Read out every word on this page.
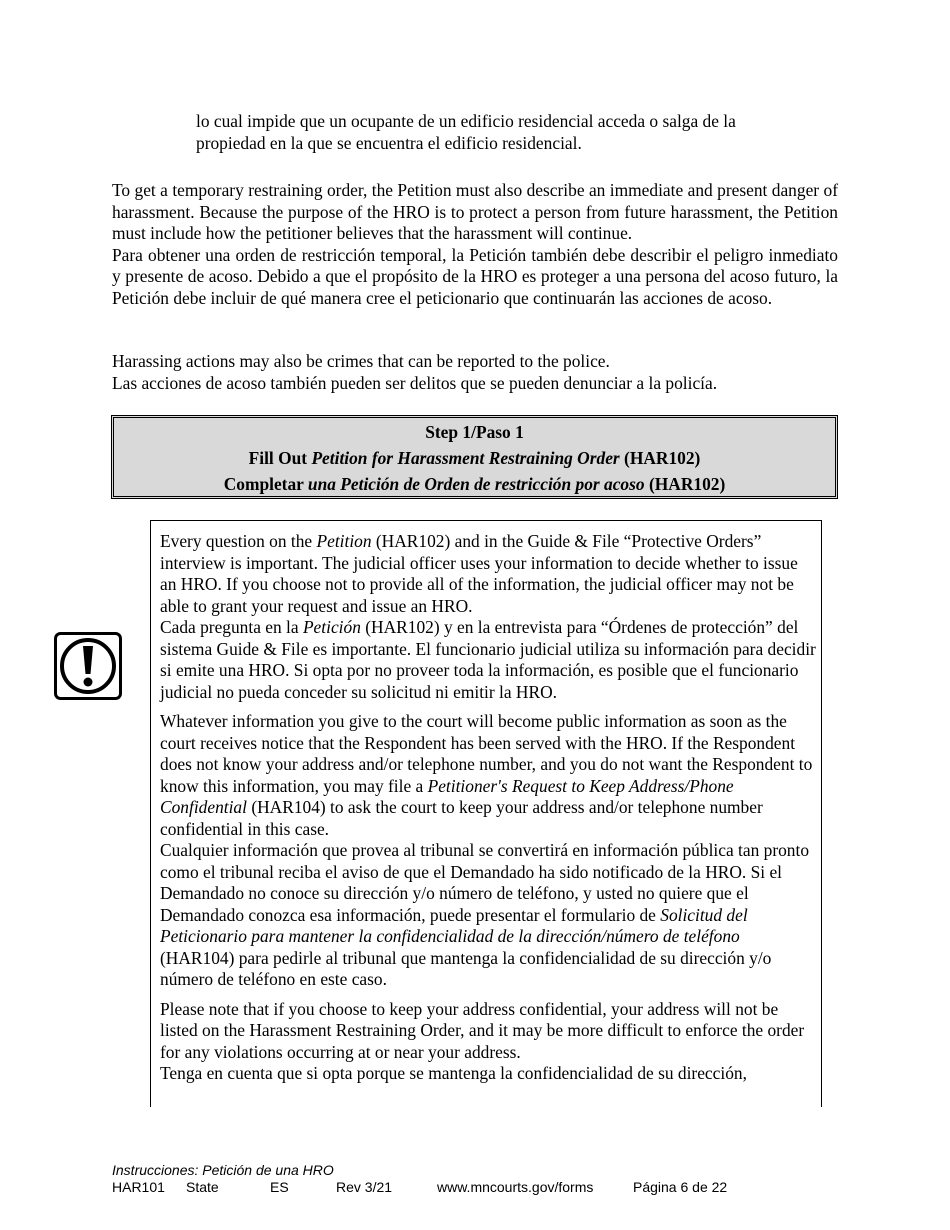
lo cual impide que un ocupante de un edificio residencial acceda o salga de la
propiedad en la que se encuentra el edificio residencial.
To get a temporary restraining order, the Petition must also describe an immediate and present danger of harassment. Because the purpose of the HRO is to protect a person from future harassment, the Petition must include how the petitioner believes that the harassment will continue.
Para obtener una orden de restricción temporal, la Petición también debe describir el peligro inmediato y presente de acoso. Debido a que el propósito de la HRO es proteger a una persona del acoso futuro, la Petición debe incluir de qué manera cree el peticionario que continuarán las acciones de acoso.
Harassing actions may also be crimes that can be reported to the police.
Las acciones de acoso también pueden ser delitos que se pueden denunciar a la policía.
Step 1/Paso 1
Fill Out Petition for Harassment Restraining Order (HAR102)
Completar una Petición de Orden de restricción por acoso (HAR102)
Every question on the Petition (HAR102) and in the Guide & File “Protective Orders” interview is important. The judicial officer uses your information to decide whether to issue an HRO. If you choose not to provide all of the information, the judicial officer may not be able to grant your request and issue an HRO.
Cada pregunta en la Petición (HAR102) y en la entrevista para “Órdenes de protección” del sistema Guide & File es importante. El funcionario judicial utiliza su información para decidir si emite una HRO. Si opta por no proveer toda la información, es posible que el funcionario judicial no pueda conceder su solicitud ni emitir la HRO.
Whatever information you give to the court will become public information as soon as the court receives notice that the Respondent has been served with the HRO. If the Respondent does not know your address and/or telephone number, and you do not want the Respondent to know this information, you may file a Petitioner's Request to Keep Address/Phone Confidential (HAR104) to ask the court to keep your address and/or telephone number confidential in this case.
Cualquier información que provea al tribunal se convertirá en información pública tan pronto como el tribunal reciba el aviso de que el Demandado ha sido notificado de la HRO. Si el Demandado no conoce su dirección y/o número de teléfono, y usted no quiere que el Demandado conozca esa información, puede presentar el formulario de Solicitud del Peticionario para mantener la confidencialidad de la dirección/número de teléfono (HAR104) para pedirle al tribunal que mantenga la confidencialidad de su dirección y/o número de teléfono en este caso.
Please note that if you choose to keep your address confidential, your address will not be listed on the Harassment Restraining Order, and it may be more difficult to enforce the order for any violations occurring at or near your address.
Tenga en cuenta que si opta porque se mantenga la confidencialidad de su dirección,
Instrucciones: Petición de una HRO
HAR101 State	ES	Rev 3/21	www.mncourts.gov/forms	Página 6 de 22
